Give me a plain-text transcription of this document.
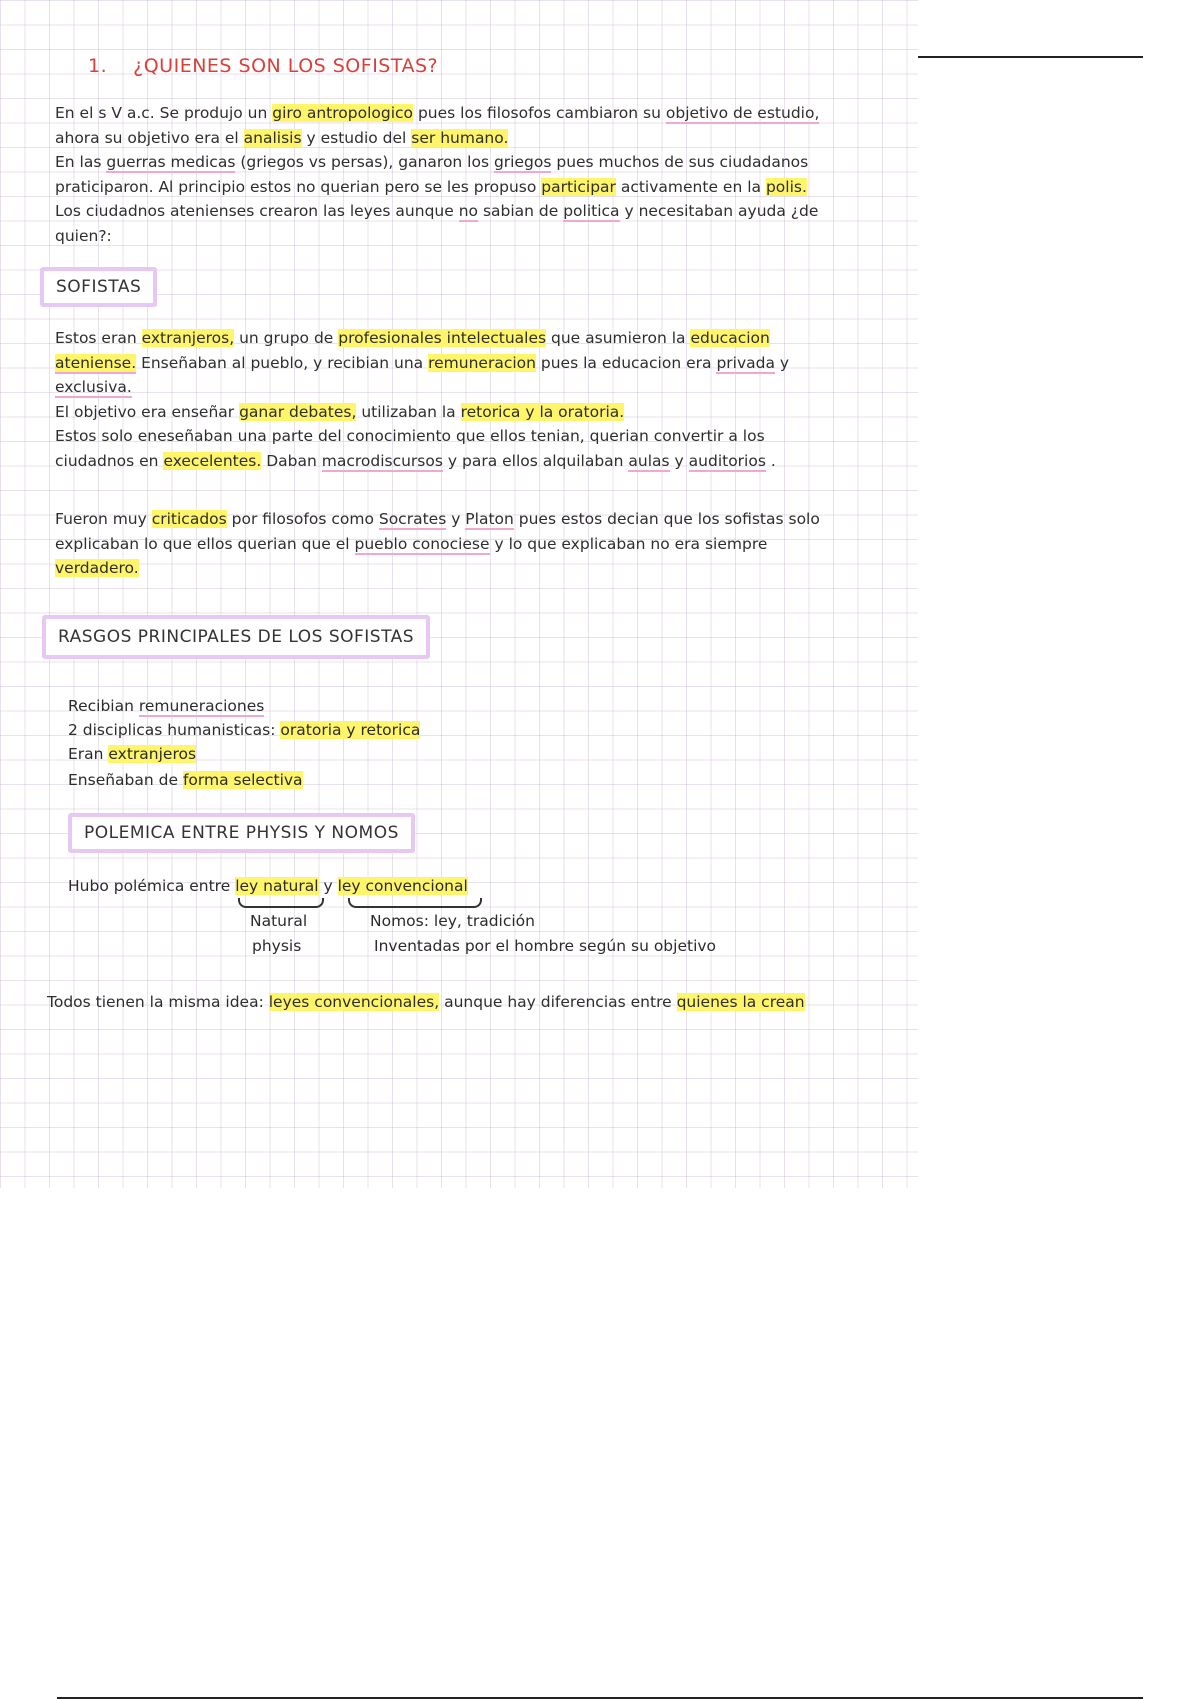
1. ¿QUIENES SON LOS SOFISTAS?
En el s V a.c. Se produjo un giro antropologico pues los filosofos cambiaron su objetivo de estudio,
ahora su objetivo era el analisis y estudio del ser humano.
En las guerras medicas (griegos vs persas), ganaron los griegos pues muchos de sus ciudadanos
praticiparon. Al principio estos no querian pero se les propuso participar activamente en la polis.
Los ciudadnos atenienses crearon las leyes aunque no sabian de politica y necesitaban ayuda ¿de
quien?:
SOFISTAS
Estos eran extranjeros, un grupo de profesionales intelectuales que asumieron la educacion
ateniense. Enseñaban al pueblo, y recibian una remuneracion pues la educacion era privada y
exclusiva.
El objetivo era enseñar ganar debates, utilizaban la retorica y la oratoria.
Estos solo eneseñaban una parte del conocimiento que ellos tenian, querian convertir a los
ciudadnos en execelentes. Daban macrodiscursos y para ellos alquilaban aulas y auditorios .
Fueron muy criticados por filosofos como Socrates y Platon pues estos decian que los sofistas solo
explicaban lo que ellos querian que el pueblo conociese y lo que explicaban no era siempre
verdadero.
RASGOS PRINCIPALES DE LOS SOFISTAS
Recibian remuneraciones
2 disciplicas humanisticas: oratoria y retorica
Eran extranjeros
Enseñaban de forma selectiva
POLEMICA ENTRE PHYSIS Y NOMOS
Hubo polémica entre ley natural y ley convencional
Natural
physis
Nomos: ley, tradición
Inventadas por el hombre según su objetivo
Todos tienen la misma idea: leyes convencionales, aunque hay diferencias entre quienes la crean
